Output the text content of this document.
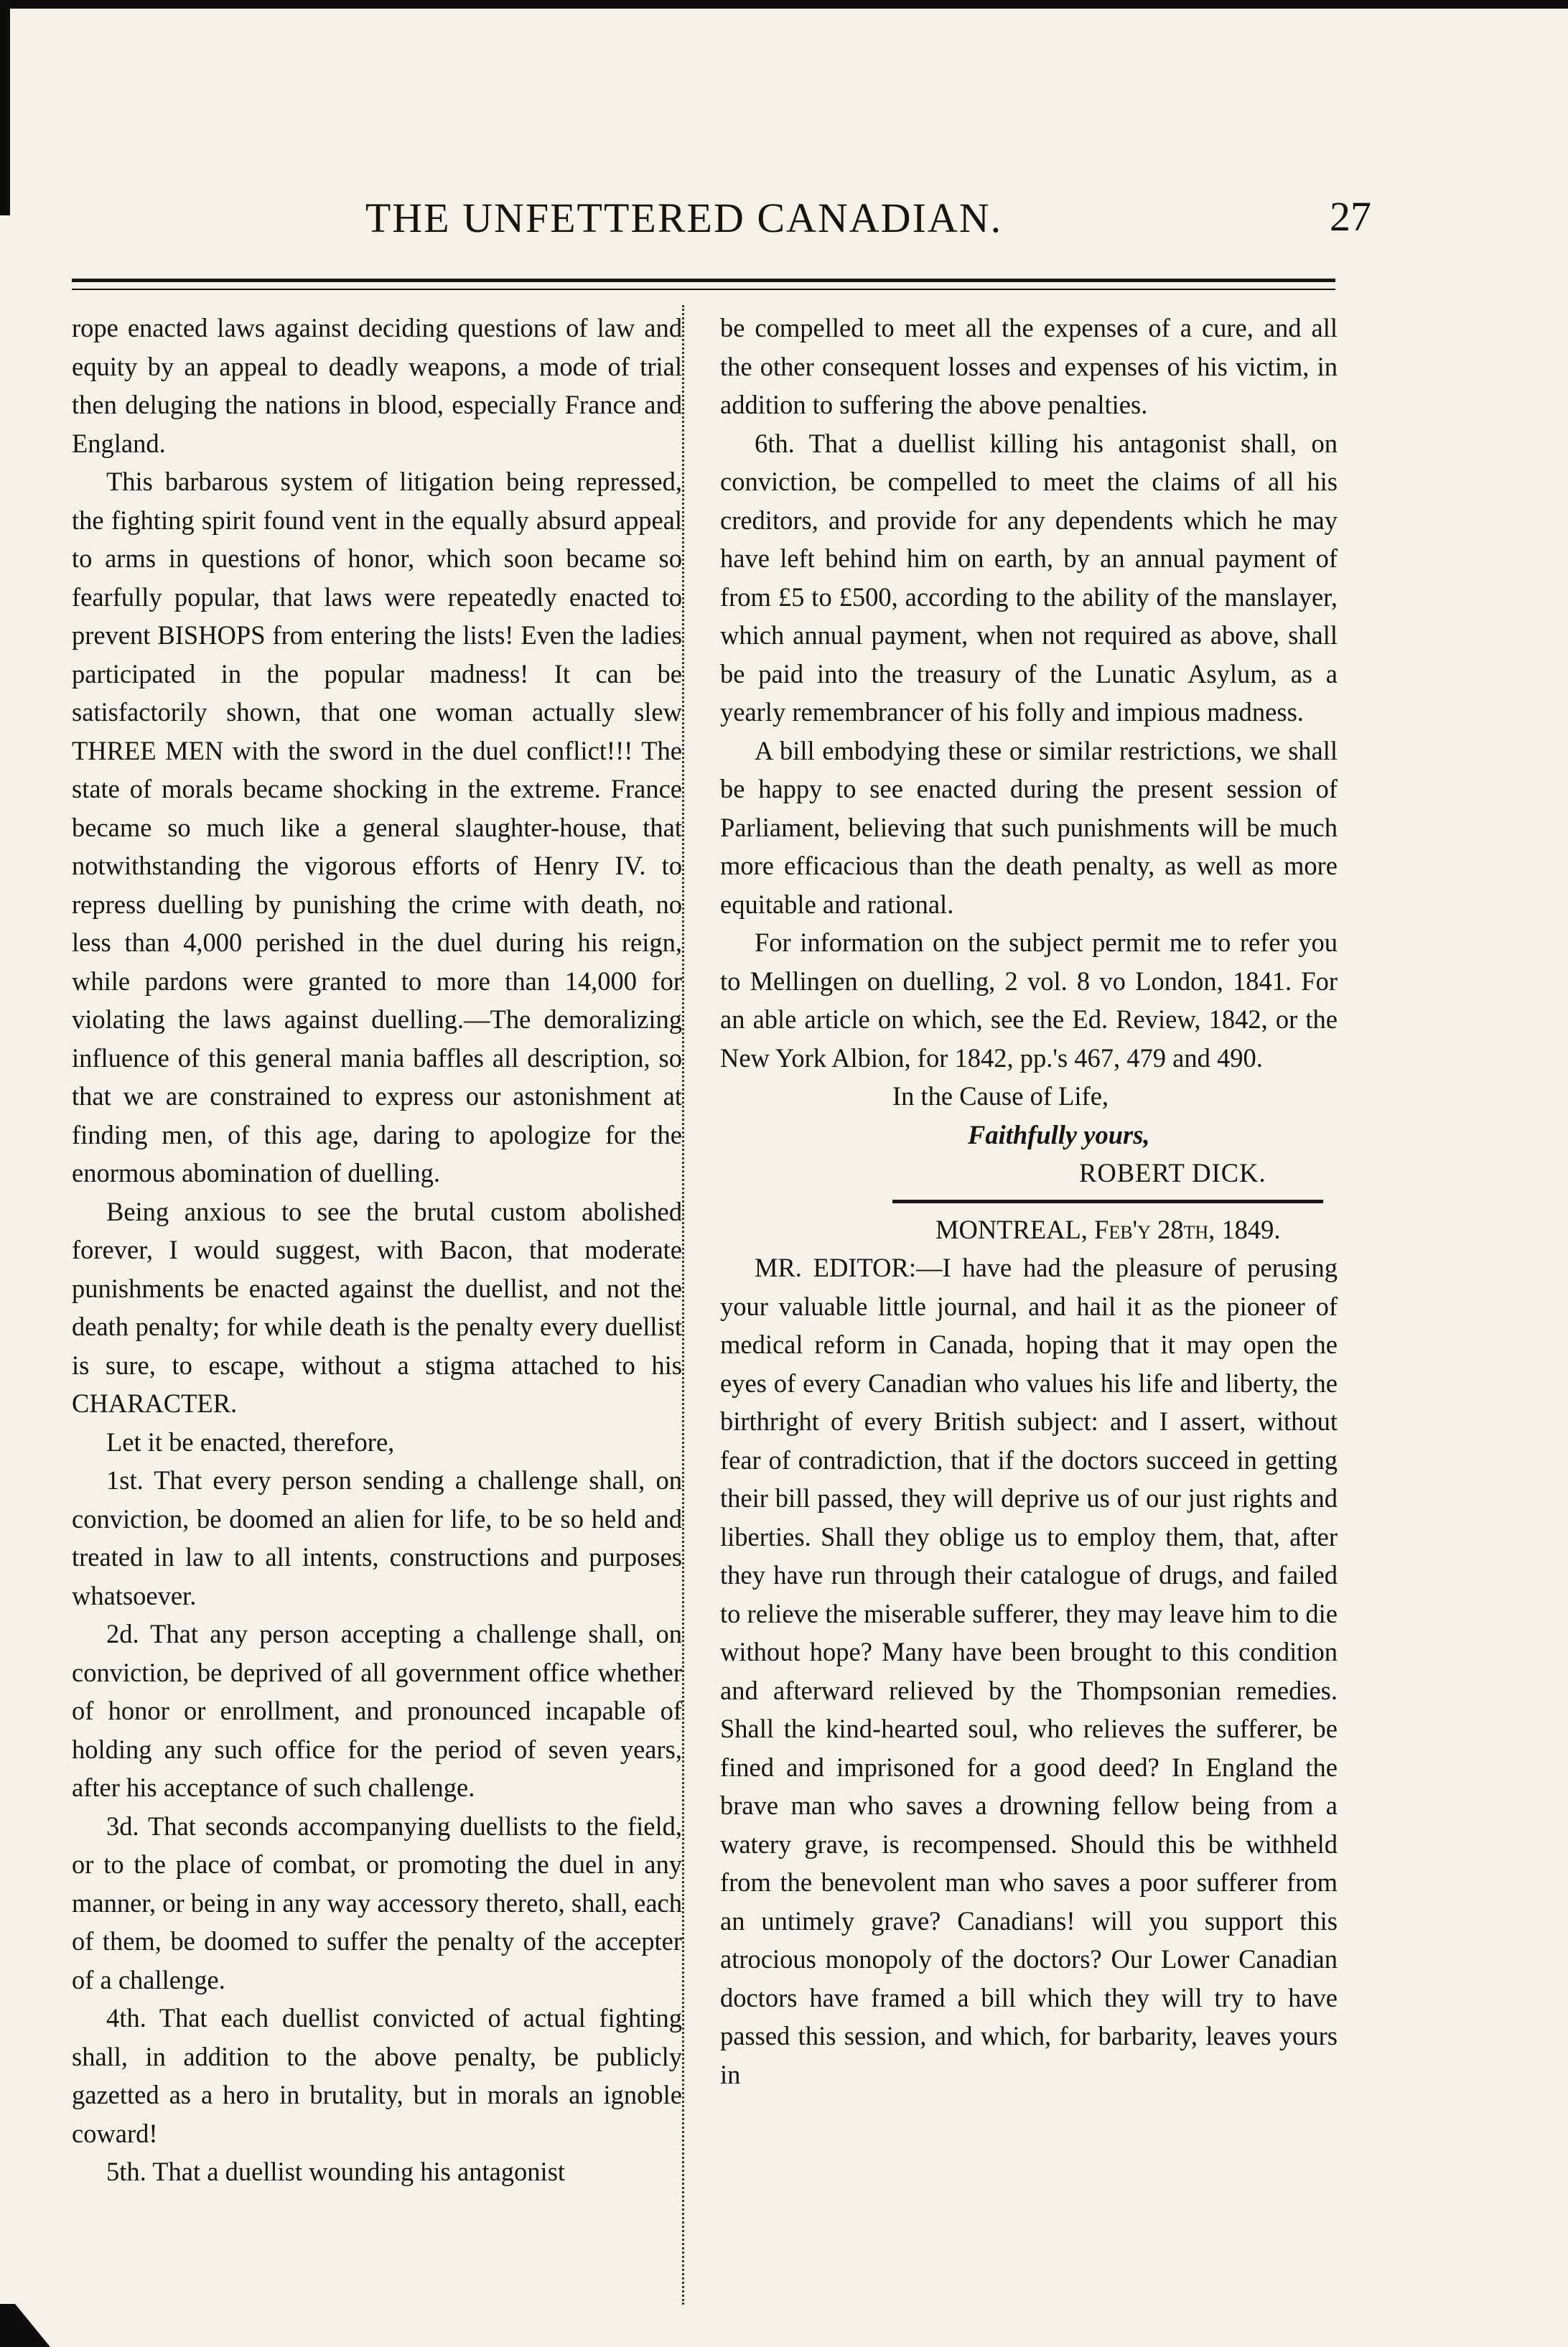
THE UNFETTERED CANADIAN.	27

rope enacted laws against deciding questions of law and equity by an appeal to deadly weapons, a mode of trial then deluging the nations in blood, especially France and England.

This barbarous system of litigation being repressed, the fighting spirit found vent in the equally absurd appeal to arms in questions of honor, which soon became so fearfully popular, that laws were repeatedly enacted to prevent BISHOPS from entering the lists! Even the ladies participated in the popular madness! It can be satisfactorily shown, that one woman actually slew THREE MEN with the sword in the duel conflict!!! The state of morals became shocking in the extreme. France became so much like a general slaughter-house, that notwithstanding the vigorous efforts of Henry IV. to repress duelling by punishing the crime with death, no less than 4,000 perished in the duel during his reign, while pardons were granted to more than 14,000 for violating the laws against duelling.—The demoralizing influence of this general mania baffles all description, so that we are constrained to express our astonishment at finding men, of this age, daring to apologize for the enormous abomination of duelling.

Being anxious to see the brutal custom abolished forever, I would suggest, with Bacon, that moderate punishments be enacted against the duellist, and not the death penalty; for while death is the penalty every duellist is sure, to escape, without a stigma attached to his CHARACTER.

Let it be enacted, therefore,

1st. That every person sending a challenge shall, on conviction, be doomed an alien for life, to be so held and treated in law to all intents, constructions and purposes whatsoever.

2d. That any person accepting a challenge shall, on conviction, be deprived of all government office whether of honor or enrollment, and pronounced incapable of holding any such office for the period of seven years, after his acceptance of such challenge.

3d. That seconds accompanying duellists to the field, or to the place of combat, or promoting the duel in any manner, or being in any way accessory thereto, shall, each of them, be doomed to suffer the penalty of the accepter of a challenge.

4th. That each duellist convicted of actual fighting shall, in addition to the above penalty, be publicly gazetted as a hero in brutality, but in morals an ignoble coward!

5th. That a duellist wounding his antagonist

be compelled to meet all the expenses of a cure, and all the other consequent losses and expenses of his victim, in addition to suffering the above penalties.

6th. That a duellist killing his antagonist shall, on conviction, be compelled to meet the claims of all his creditors, and provide for any dependents which he may have left behind him on earth, by an annual payment of from £5 to £500, according to the ability of the manslayer, which annual payment, when not required as above, shall be paid into the treasury of the Lunatic Asylum, as a yearly remembrancer of his folly and impious madness.

A bill embodying these or similar restrictions, we shall be happy to see enacted during the present session of Parliament, believing that such punishments will be much more efficacious than the death penalty, as well as more equitable and rational.

For information on the subject permit me to refer you to Mellingen on duelling, 2 vol. 8 vo London, 1841. For an able article on which, see the Ed. Review, 1842, or the New York Albion, for 1842, pp.'s 467, 479 and 490.

In the Cause of Life,
Faithfully yours,
ROBERT DICK.
MONTREAL, Feb'y 28th, 1849.

MR. EDITOR:—I have had the pleasure of perusing your valuable little journal, and hail it as the pioneer of medical reform in Canada, hoping that it may open the eyes of every Canadian who values his life and liberty, the birthright of every British subject: and I assert, without fear of contradiction, that if the doctors succeed in getting their bill passed, they will deprive us of our just rights and liberties. Shall they oblige us to employ them, that, after they have run through their catalogue of drugs, and failed to relieve the miserable sufferer, they may leave him to die without hope? Many have been brought to this condition and afterward relieved by the Thompsonian remedies. Shall the kind-hearted soul, who relieves the sufferer, be fined and imprisoned for a good deed? In England the brave man who saves a drowning fellow being from a watery grave, is recompensed. Should this be withheld from the benevolent man who saves a poor sufferer from an untimely grave? Canadians! will you support this atrocious monopoly of the doctors? Our Lower Canadian doctors have framed a bill which they will try to have passed this session, and which, for barbarity, leaves yours in
